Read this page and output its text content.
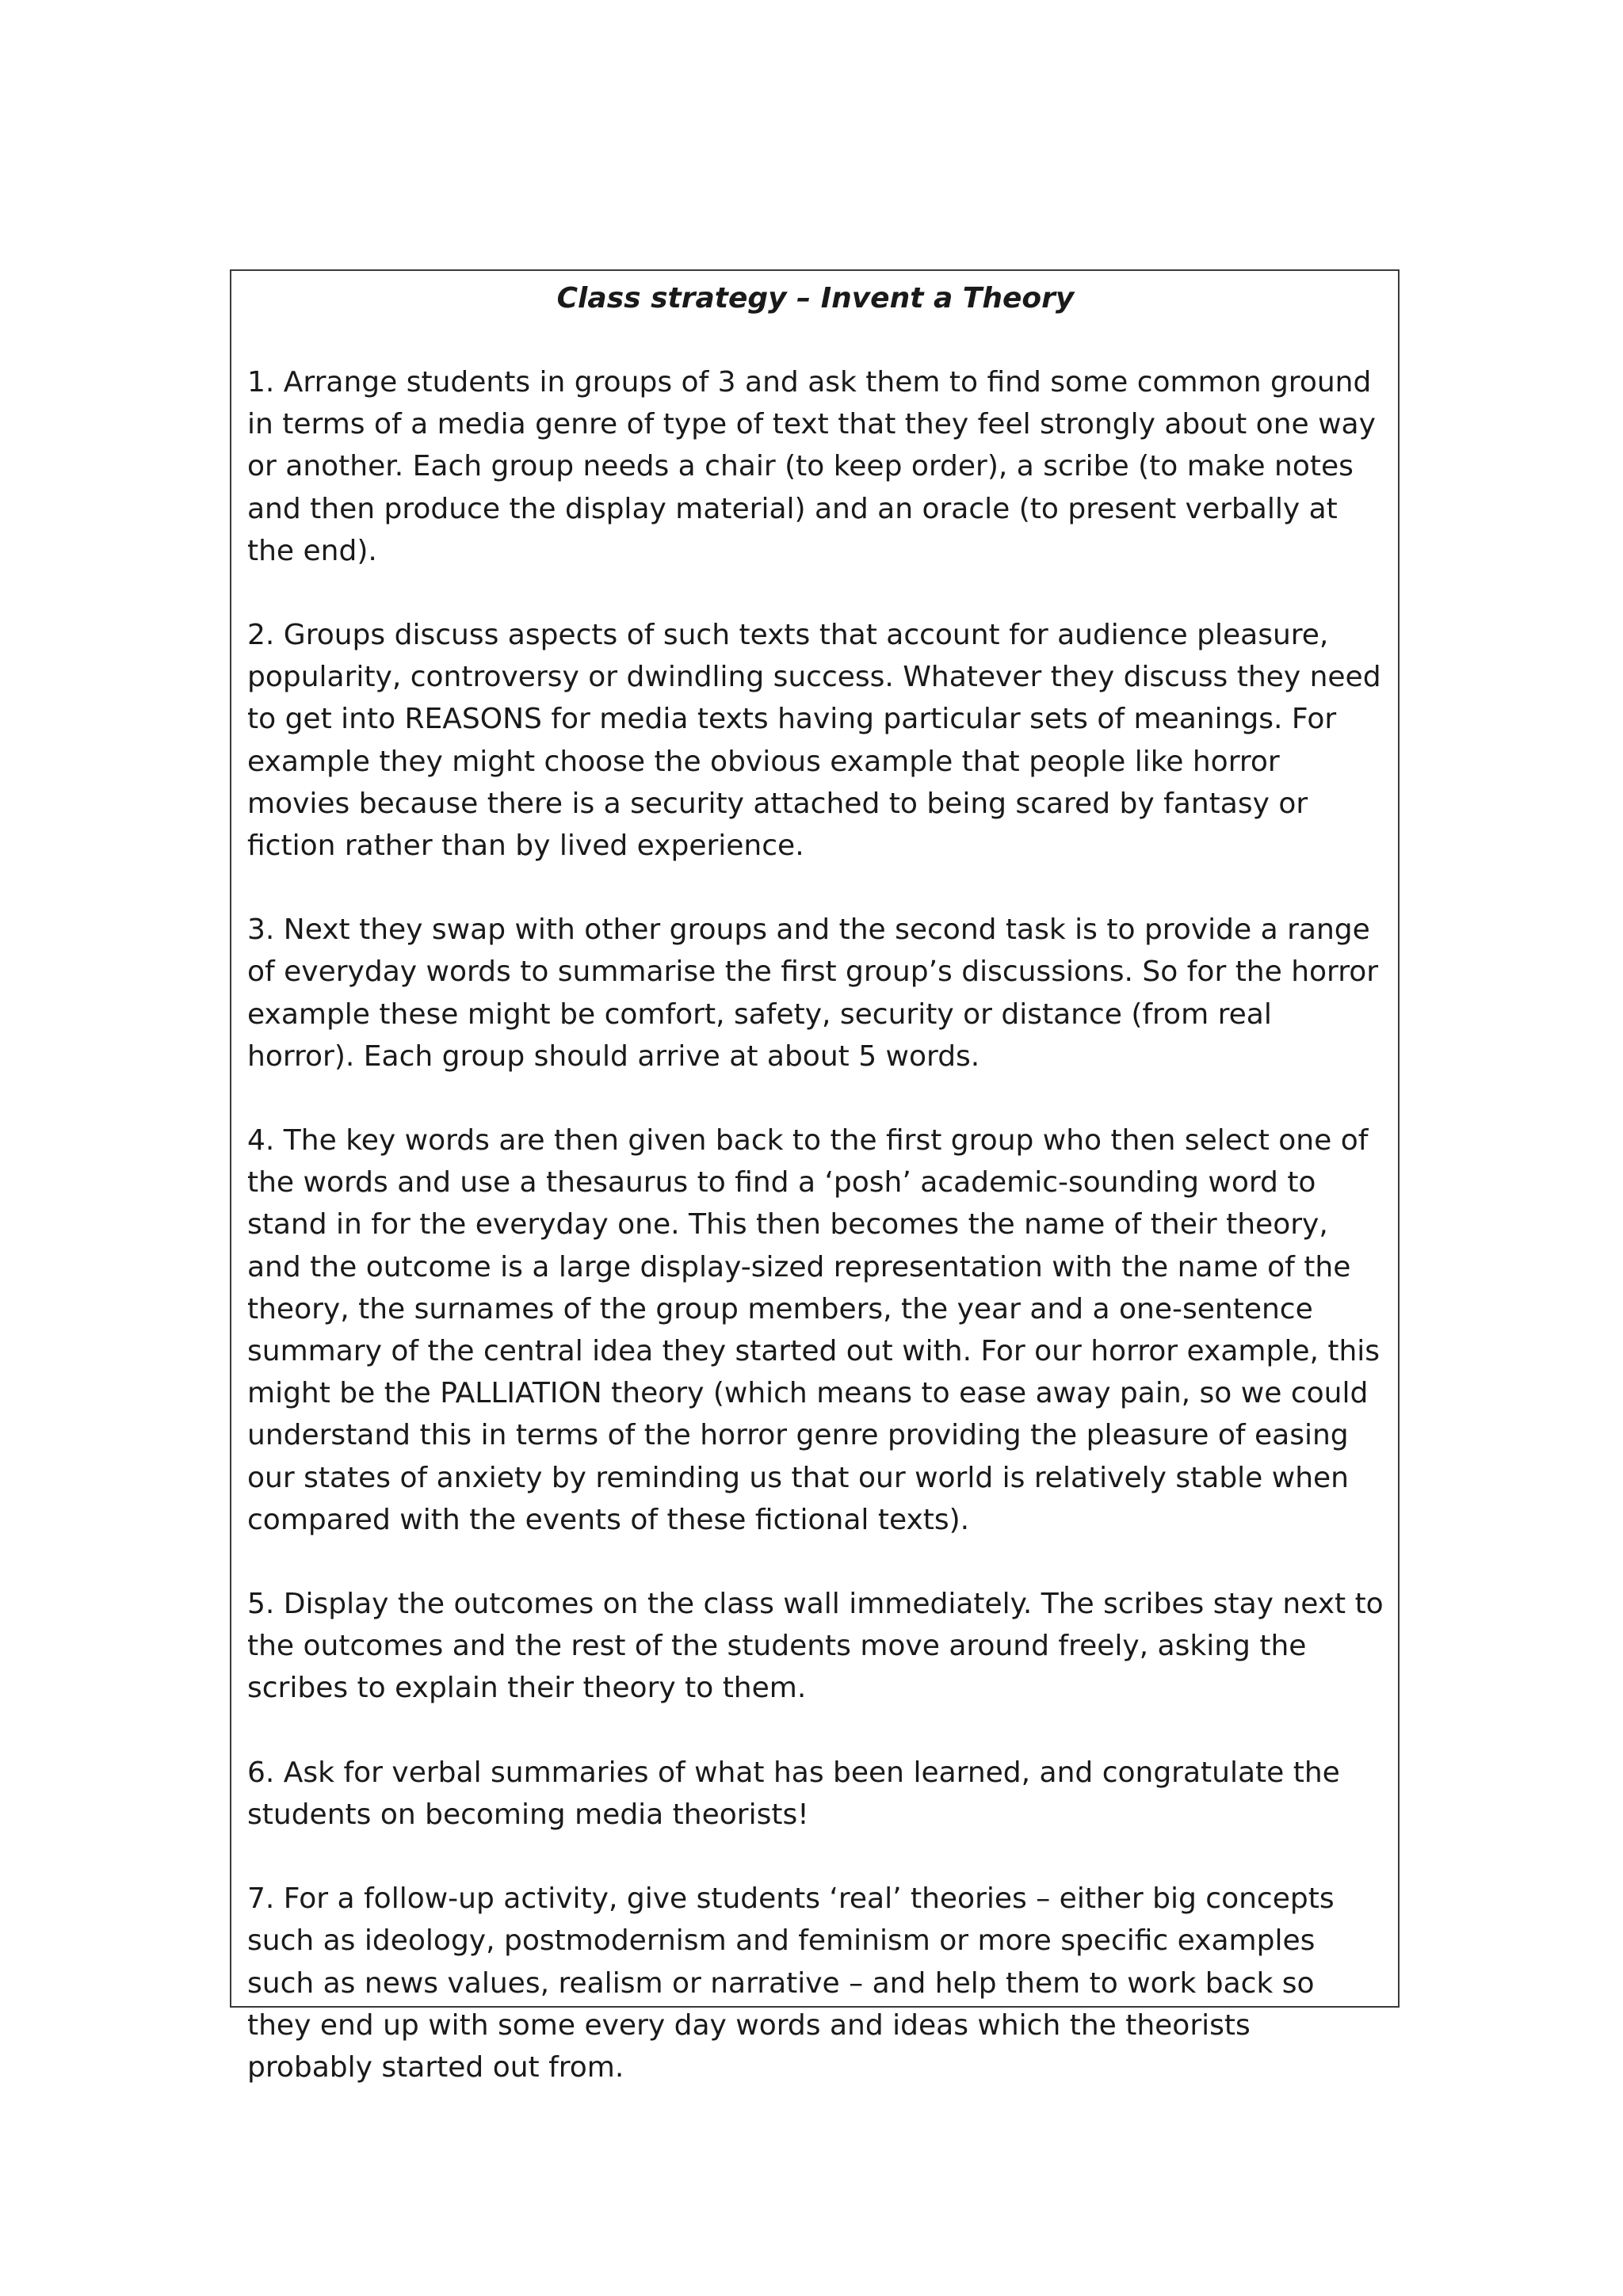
Class strategy – Invent a Theory

1. Arrange students in groups of 3 and ask them to find some common ground in terms of a media genre of type of text that they feel strongly about one way or another. Each group needs a chair (to keep order), a scribe (to make notes and then produce the display material) and an oracle (to present verbally at the end).

2. Groups discuss aspects of such texts that account for audience pleasure, popularity, controversy or dwindling success. Whatever they discuss they need to get into REASONS for media texts having particular sets of meanings. For example they might choose the obvious example that people like horror movies because there is a security attached to being scared by fantasy or fiction rather than by lived experience.

3. Next they swap with other groups and the second task is to provide a range of everyday words to summarise the first group’s discussions. So for the horror example these might be comfort, safety, security or distance (from real horror). Each group should arrive at about 5 words.

4. The key words are then given back to the first group who then select one of the words and use a thesaurus to find a ‘posh’ academic-sounding word to stand in for the everyday one. This then becomes the name of their theory, and the outcome is a large display-sized representation with the name of the theory, the surnames of the group members, the year and a one-sentence summary of the central idea they started out with. For our horror example, this might be the PALLIATION theory (which means to ease away pain, so we could understand this in terms of the horror genre providing the pleasure of easing our states of anxiety by reminding us that our world is relatively stable when compared with the events of these fictional texts).

5. Display the outcomes on the class wall immediately. The scribes stay next to the outcomes and the rest of the students move around freely, asking the scribes to explain their theory to them.

6. Ask for verbal summaries of what has been learned, and congratulate the students on becoming media theorists!

7. For a follow-up activity, give students ‘real’ theories – either big concepts such as ideology, postmodernism and feminism or more specific examples such as news values, realism or narrative – and help them to work back so they end up with some every day words and ideas which the theorists probably started out from.
